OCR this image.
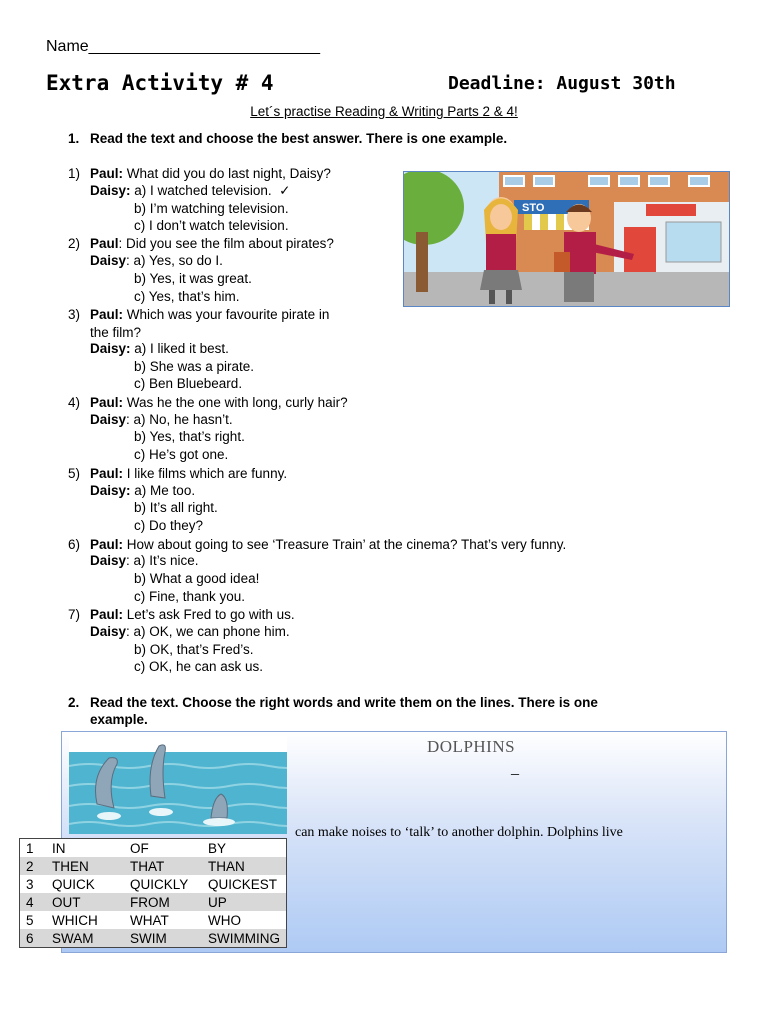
Name__________________________
Extra Activity # 4	Deadline: August 30th
Let´s practise Reading & Writing Parts 2 & 4!
1. Read the text and choose the best answer. There is one example.
1) Paul: What did you do last night, Daisy?
Daisy: a) I watched television. ✓
b) I’m watching television.
c) I don’t watch television.
2) Paul: Did you see the film about pirates?
Daisy: a) Yes, so do I.
b) Yes, it was great.
c) Yes, that’s him.
3) Paul: Which was your favourite pirate in
the film?
Daisy: a) I liked it best.
b) She was a pirate.
c) Ben Bluebeard.
4) Paul: Was he the one with long, curly hair?
Daisy: a) No, he hasn’t.
b) Yes, that’s right.
c) He’s got one.
5) Paul: I like films which are funny.
Daisy: a) Me too.
b) It’s all right.
c) Do they?
6) Paul: How about going to see ‘Treasure Train’ at the cinema? That’s very funny.
Daisy: a) It’s nice.
b) What a good idea!
c) Fine, thank you.
7) Paul: Let’s ask Fred to go with us.
Daisy: a) OK, we can phone him.
b) OK, that’s Fred’s.
c) OK, he can ask us.
STO
2. Read the text. Choose the right words and write them on the lines. There is one
example.
DOLPHINS
_
can make noises to ‘talk’ to another dolphin. Dolphins live
1	IN	OF	BY
2	THEN	THAT	THAN
3	QUICK	QUICKLY	QUICKEST
4	OUT	FROM	UP
5	WHICH	WHAT	WHO
6	SWAM	SWIM	SWIMMING
